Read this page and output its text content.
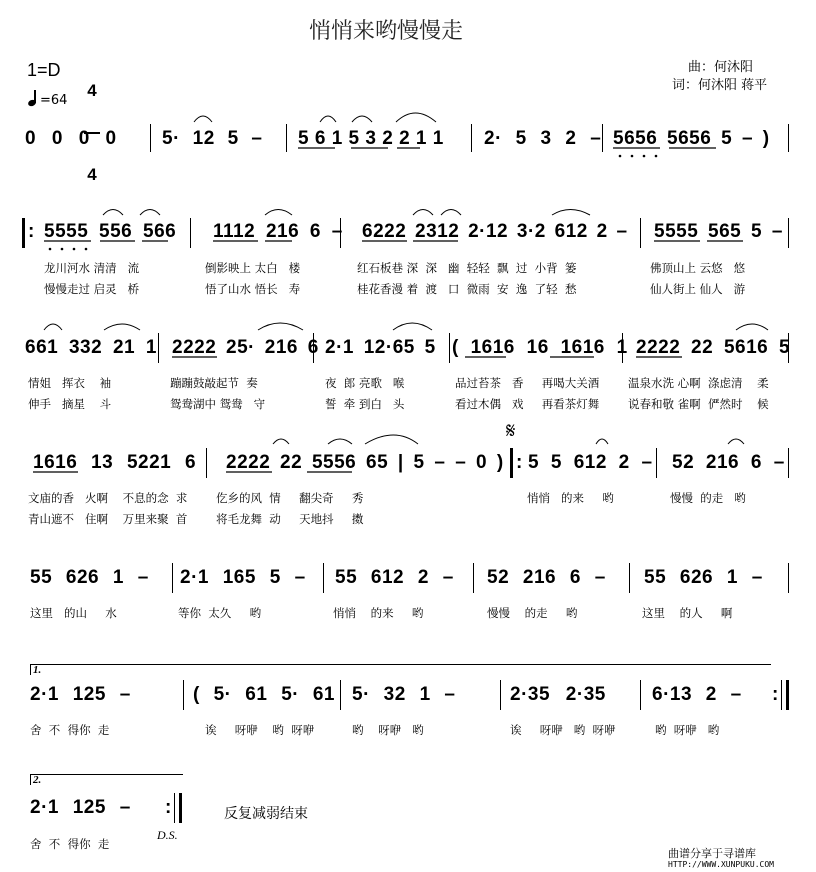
悄悄来哟慢慢走
曲：何沐阳
词：何沐阳 蒋平
1=D

4

4

=64
0 0 0 0 5· 12 5 – 5 6 1 5 3 2 2 1 1 2· 5 3 2 – 5656 5656 5 – )
: 5555 556 566 1112 216 6 – 6222 2312 2·12 3·2 612 2 – 5555 565 5 –
龙川河水 清清   流	倒影映上 太白   楼	红石板巷 深  深   幽  轻轻  飘  过  小背  篓	佛顶山上 云悠   悠
慢慢走过 启灵   桥	悟了山水 悟长   寿	桂花香漫 着  渡   口  微雨  安  逸  了轻  愁	仙人街上 仙人   游
661 332 21 1 2222 25· 216 6 2·1 12·65 5 ( 1616 16 1616 1 2222 22 5616 5
情姐   挥衣    袖	蹦蹦鼓敲起节  奏	夜  郎 亮歌   喉	品过苔茶   香     再喝大关酒	温泉水洗 心啊  涤虑清    柔
伸手   摘星    斗	鸳鸯湖中 鸳鸯   守	誓  牵 到白   头	看过木偶   戏     再看茶灯舞	说春和敬 雀啊  俨然时    候
𝄋
1616 13 5221 6 2222 22 5556 65 | 5 – – 0 ) : 5 5 612 2 – 52 216 6 –
文庙的香   火啊    不息的念  求 仡乡的风  情     翻尖奇     秀	悄悄   的来     哟	慢慢  的走   哟
青山遮不   住啊    万里来聚  首 将毛龙舞  动     天地抖     擞
55 626 1 – 2·1 165 5 – 55 612 2 – 52 216 6 – 55 626 1 –
这里   的山     水	等你  太久     哟	悄悄    的来     哟	慢慢    的走     哟	这里    的人     啊
1.
2·1 125 –	( 5· 61 5· 61 5· 32 1 –	2·35 2·35 6·13 2 – :
舍  不  得你  走	诶     呀咿    哟  呀咿	哟    呀咿   哟	诶     呀咿   哟  呀咿	哟  呀咿   哟
2.
2·1 125 – :
舍  不  得你  走
D.S.
反复减弱结束
曲谱分享于寻谱库
HTTP://WWW.XUNPUKU.COM
